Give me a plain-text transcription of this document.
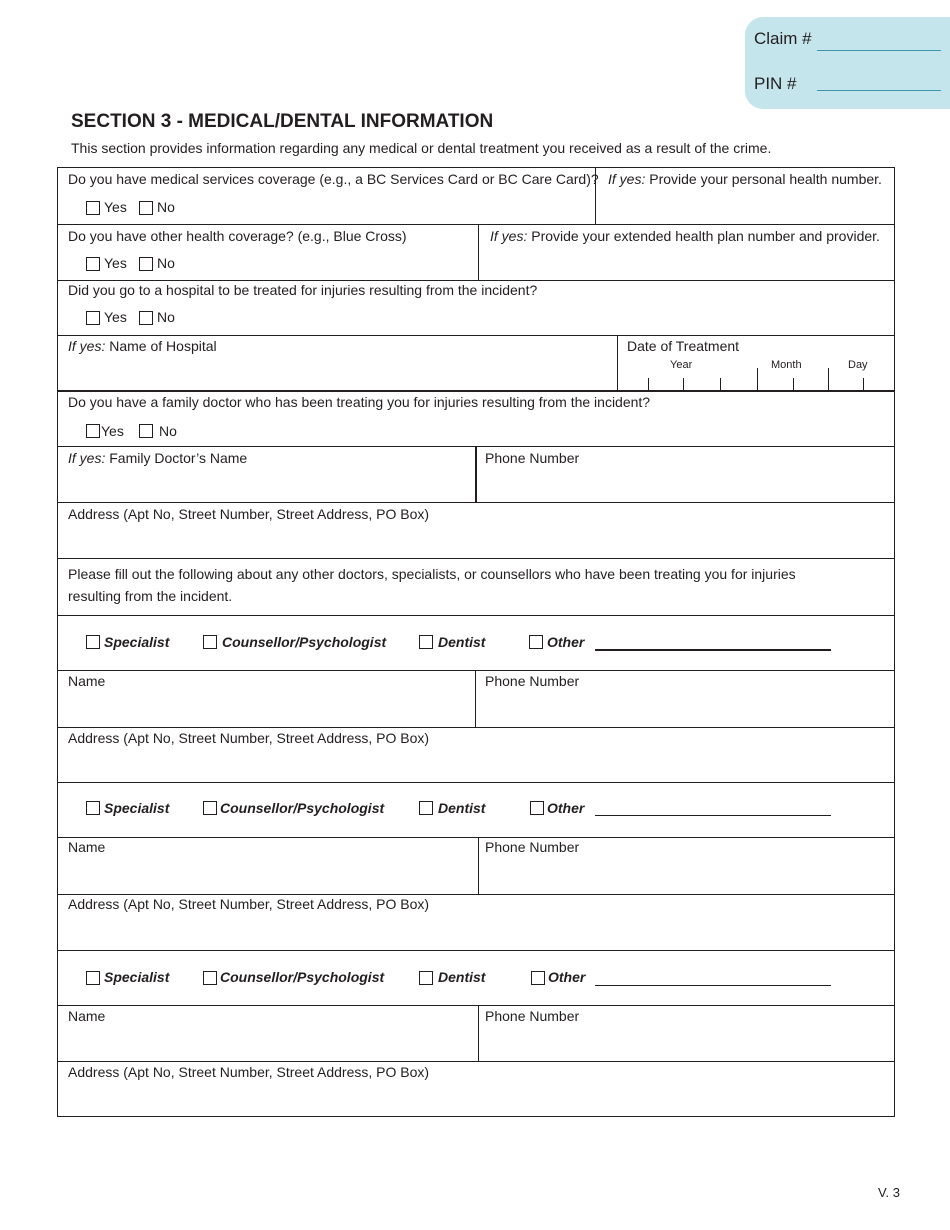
Claim #
PIN #
SECTION 3 - MEDICAL/DENTAL INFORMATION
This section provides information regarding any medical or dental treatment you received as a result of the crime.
Do you have medical services coverage (e.g., a BC Services Card or BC Care Card)? If yes: Provide your personal health number.
Yes No
Do you have other health coverage? (e.g., Blue Cross)	If yes: Provide your extended health plan number and provider.
Yes No
Did you go to a hospital to be treated for injuries resulting from the incident?
Yes No
If yes: Name of Hospital	Date of Treatment
Year	Month	Day
Do you have a family doctor who has been treating you for injuries resulting from the incident?
Yes	No
If yes: Family Doctor’s Name	Phone Number
Address (Apt No, Street Number, Street Address, PO Box)
Please fill out the following about any other doctors, specialists, or counsellors who have been treating you for injuries resulting from the incident.
Specialist	Counsellor/Psychologist	Dentist	Other
Name	Phone Number
Address (Apt No, Street Number, Street Address, PO Box)
Specialist	Counsellor/Psychologist	Dentist	Other
Name	Phone Number
Address (Apt No, Street Number, Street Address, PO Box)
Specialist	Counsellor/Psychologist	Dentist	Other
Name	Phone Number
Address (Apt No, Street Number, Street Address, PO Box)
V. 3
